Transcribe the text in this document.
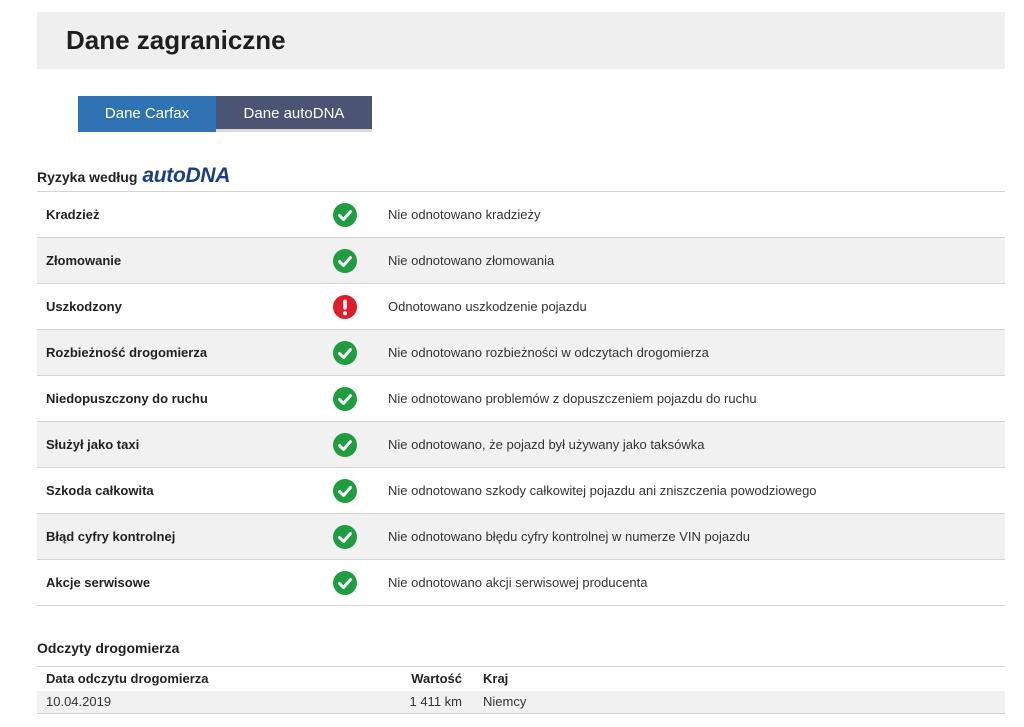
Dane zagraniczne
Dane Carfax	Dane autoDNA
Ryzyka według autoDNA
Kradzież	Nie odnotowano kradzieży
Złomowanie	Nie odnotowano złomowania
Uszkodzony	Odnotowano uszkodzenie pojazdu
Rozbieżność drogomierza	Nie odnotowano rozbieżności w odczytach drogomierza
Niedopuszczony do ruchu	Nie odnotowano problemów z dopuszczeniem pojazdu do ruchu
Służył jako taxi	Nie odnotowano, że pojazd był używany jako taksówka
Szkoda całkowita	Nie odnotowano szkody całkowitej pojazdu ani zniszczenia powodziowego
Błąd cyfry kontrolnej	Nie odnotowano błędu cyfry kontrolnej w numerze VIN pojazdu
Akcje serwisowe	Nie odnotowano akcji serwisowej producenta
Odczyty drogomierza
Data odczytu drogomierza	Wartość Kraj
10.04.2019	1 411 km Niemcy
